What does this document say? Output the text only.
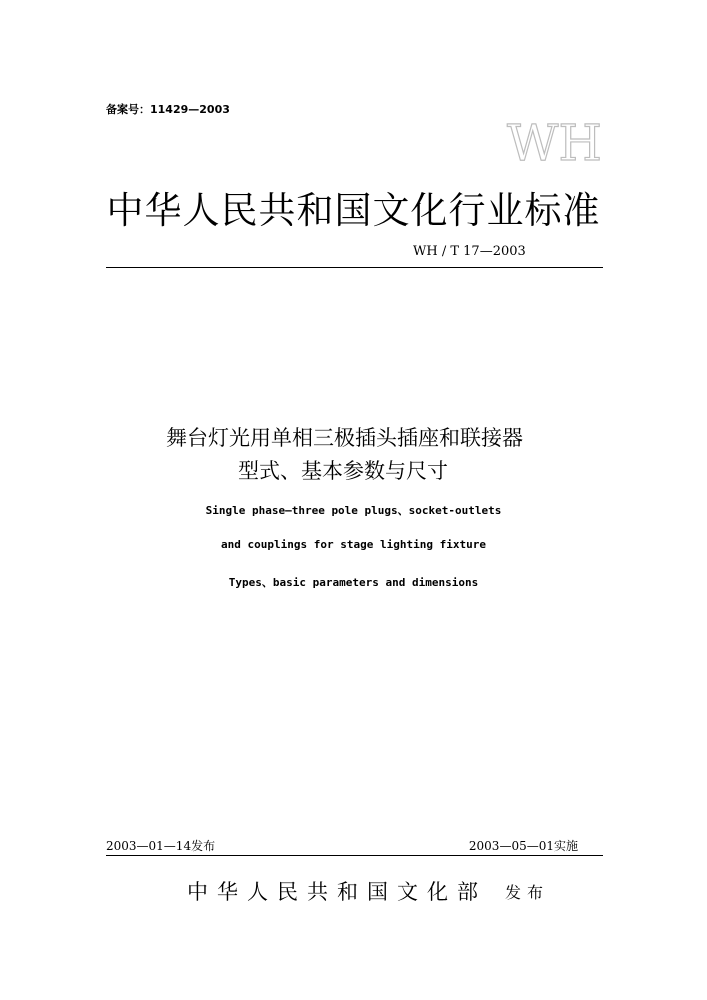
备案号：11429—2003
WH
中华人民共和国文化行业标准
WH / T 17—2003
舞台灯光用单相三极插头插座和联接器
型式、基本参数与尺寸
Single phase—three pole plugs、socket-outlets
and couplings for stage lighting fixture
Types、basic parameters and dimensions
2003—01—14发布	2003—05—01实施
中华人民共和国文化部 发布
